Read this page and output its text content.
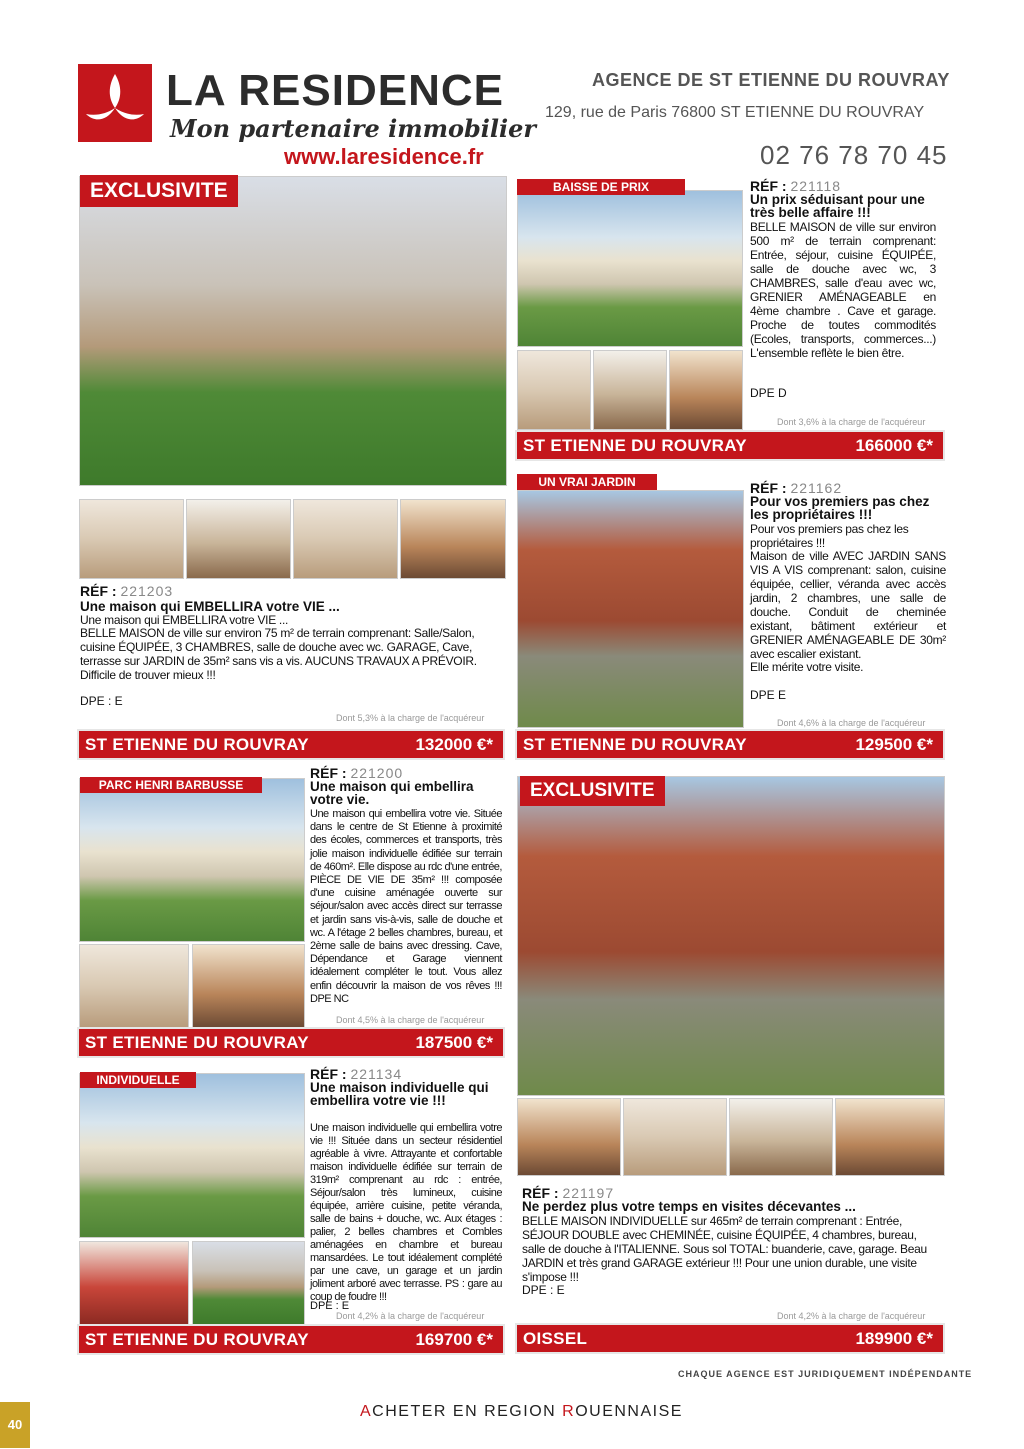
LA RESIDENCE
Mon partenaire immobilier
www.laresidence.fr
AGENCE DE ST ETIENNE DU ROUVRAY
129, rue de Paris 76800 ST ETIENNE DU ROUVRAY
02 76 78 70 45
EXCLUSIVITE
RÉF : 221203
Une maison qui EMBELLIRA votre VIE ...
Une maison qui EMBELLIRA votre VIE ...
BELLE MAISON de ville sur environ 75 m² de terrain comprenant: Salle/Salon, cuisine ÉQUIPÉE, 3 CHAMBRES, salle de douche avec wc. GARAGE, Cave, terrasse sur JARDIN de 35m² sans vis a vis. AUCUNS TRAVAUX A PRÉVOIR. Difficile de trouver mieux !!!
DPE : E
Dont 5,3% à la charge de l'acquéreur
ST ETIENNE DU ROUVRAY	132000 €*
BAISSE DE PRIX	RÉF : 221118
Un prix séduisant pour une très belle affaire !!!
BELLE MAISON de ville sur environ 500 m² de terrain comprenant: Entrée, séjour, cuisine ÉQUIPÉE, salle de douche avec wc, 3 CHAMBRES, salle d'eau avec wc, GRENIER AMÉNAGEABLE en 4ème chambre . Cave et garage. Proche de toutes commodités (Ecoles, transports, commerces...) L'ensemble reflète le bien être.
DPE D
Dont 3,6% à la charge de l'acquéreur
ST ETIENNE DU ROUVRAY	166000 €*
UN VRAI JARDIN	RÉF : 221162
Pour vos premiers pas chez les propriétaires !!!
Pour vos premiers pas chez les propriétaires !!!
Maison de ville AVEC JARDIN SANS VIS A VIS comprenant: salon, cuisine équipée, cellier, véranda avec accès jardin, 2 chambres, une salle de douche. Conduit de cheminée existant, bâtiment extérieur et GRENIER AMÉNAGEABLE DE 30m² avec escalier existant.
Elle mérite votre visite.
DPE E
Dont 4,6% à la charge de l'acquéreur
ST ETIENNE DU ROUVRAY	129500 €*
PARC HENRI BARBUSSE
RÉF : 221200
Une maison qui embellira votre vie.
Une maison qui embellira votre vie. Située dans le centre de St Etienne à proximité des écoles, commerces et transports, très jolie maison individuelle édifiée sur terrain de 460m². Elle dispose au rdc d'une entrée, PIÈCE DE VIE DE 35m² !!! composée d'une cuisine aménagée ouverte sur séjour/salon avec accès direct sur terrasse et jardin sans vis-à-vis, salle de douche et wc. A l'étage 2 belles chambres, bureau, et 2ème salle de bains avec dressing. Cave, Dépendance et Garage viennent idéalement compléter le tout. Vous allez enfin découvrir la maison de vos rêves !!! DPE NC
Dont 4,5% à la charge de l'acquéreur
ST ETIENNE DU ROUVRAY	187500 €*
EXCLUSIVITE
RÉF : 221197
Ne perdez plus votre temps en visites décevantes ...
BELLE MAISON INDIVIDUELLE sur 465m² de terrain comprenant : Entrée, SÉJOUR DOUBLE avec CHEMINÉE, cuisine ÉQUIPÉE, 4 chambres, bureau, salle de douche à l'ITALIENNE. Sous sol TOTAL: buanderie, cave, garage. Beau JARDIN et très grand GARAGE extérieur !!! Pour une union durable, une visite s'impose !!!
DPE : E
Dont 4,2% à la charge de l'acquéreur
OISSEL	189900 €*
INDIVIDUELLE	RÉF : 221134
Une maison individuelle qui embellira votre vie !!!
Une maison individuelle qui embellira votre vie !!! Située dans un secteur résidentiel agréable à vivre. Attrayante et confortable maison individuelle édifiée sur terrain de 319m² comprenant au rdc : entrée, Séjour/salon très lumineux, cuisine équipée, arrière cuisine, petite véranda, salle de bains + douche, wc. Aux étages : palier, 2 belles chambres et Combles aménagées en chambre et bureau mansardées. Le tout idéalement complété par une cave, un garage et un jardin joliment arboré avec terrasse. PS : gare au coup de foudre !!!
DPE : E
Dont 4,2% à la charge de l'acquéreur
ST ETIENNE DU ROUVRAY	169700 €*
CHAQUE AGENCE EST JURIDIQUEMENT INDÉPENDANTE
40
ACHETER EN REGION ROUENNAISE
